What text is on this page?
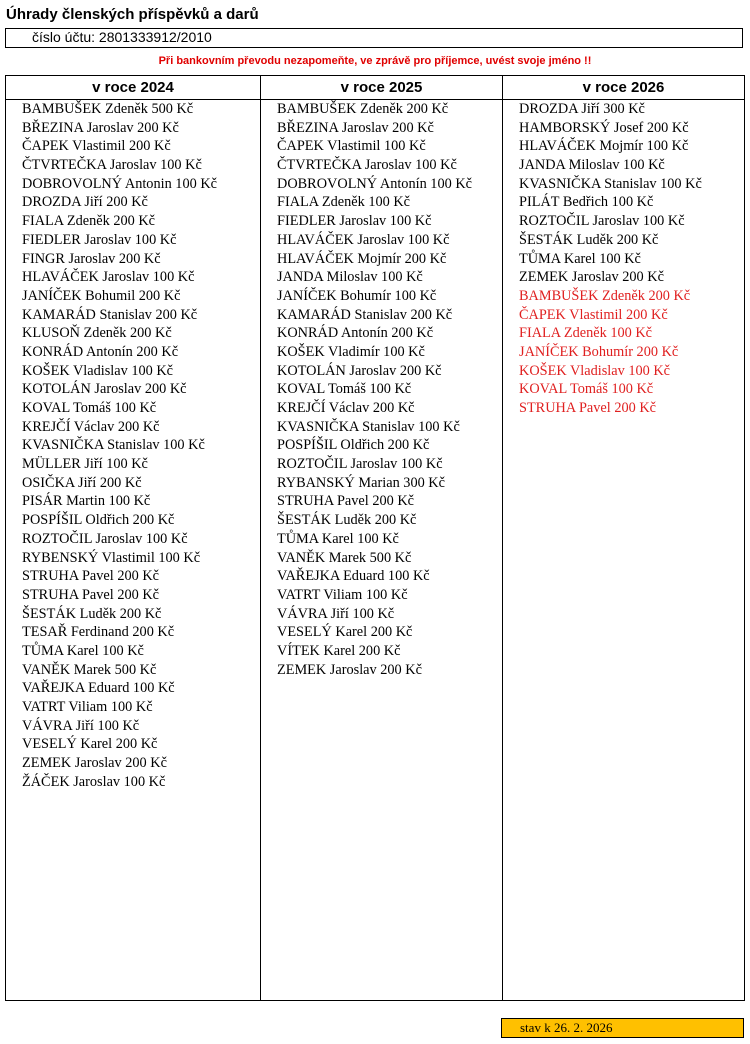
Úhrady členských příspěvků a darů
číslo účtu: 2801333912/2010
Při bankovním převodu nezapomeňte, ve zprávě pro příjemce, uvést svoje jméno !!
v roce 2024
BAMBUŠEK Zdeněk 500 Kč
BŘEZINA Jaroslav 200 Kč
ČAPEK Vlastimil 200 Kč
ČTVRTEČKA Jaroslav 100 Kč
DOBROVOLNÝ Antonin 100 Kč
DROZDA Jiří 200 Kč
FIALA Zdeněk 200 Kč
FIEDLER Jaroslav 100 Kč
FINGR Jaroslav 200 Kč
HLAVÁČEK Jaroslav 100 Kč
JANÍČEK Bohumil 200 Kč
KAMARÁD Stanislav 200 Kč
KLUSOŇ Zdeněk 200 Kč
KONRÁD Antonín 200 Kč
KOŠEK Vladislav 100 Kč
KOTOLÁN Jaroslav 200 Kč
KOVAL Tomáš 100 Kč
KREJČÍ Václav 200 Kč
KVASNIČKA Stanislav 100 Kč
MÜLLER Jiří 100 Kč
OSIČKA Jiří 200 Kč
PISÁR Martin 100 Kč
POSPÍŠIL Oldřich 200 Kč
ROZTOČIL Jaroslav 100 Kč
RYBENSKÝ Vlastimil 100 Kč
STRUHA Pavel 200 Kč
STRUHA Pavel 200 Kč
ŠESTÁK Luděk 200 Kč
TESAŘ Ferdinand 200 Kč
TŮMA Karel 100 Kč
VANĚK Marek 500 Kč
VAŘEJKA Eduard 100 Kč
VATRT Viliam 100 Kč
VÁVRA Jiří 100 Kč
VESELÝ Karel 200 Kč
ZEMEK Jaroslav 200 Kč
ŽÁČEK Jaroslav 100 Kč
v roce 2025
BAMBUŠEK Zdeněk 200 Kč
BŘEZINA Jaroslav 200 Kč
ČAPEK Vlastimil 100 Kč
ČTVRTEČKA Jaroslav 100 Kč
DOBROVOLNÝ Antonín 100 Kč
FIALA Zdeněk 100 Kč
FIEDLER Jaroslav 100 Kč
HLAVÁČEK Jaroslav 100 Kč
HLAVÁČEK Mojmír 200 Kč
JANDA Miloslav 100 Kč
JANÍČEK Bohumír 100 Kč
KAMARÁD Stanislav 200 Kč
KONRÁD Antonín 200 Kč
KOŠEK Vladimír 100 Kč
KOTOLÁN Jaroslav 200 Kč
KOVAL Tomáš 100 Kč
KREJČÍ Václav 200 Kč
KVASNIČKA Stanislav 100 Kč
POSPÍŠIL Oldřich 200 Kč
ROZTOČIL Jaroslav 100 Kč
RYBANSKÝ Marian 300 Kč
STRUHA Pavel 200 Kč
ŠESTÁK Luděk 200 Kč
TŮMA Karel 100 Kč
VANĚK Marek 500 Kč
VAŘEJKA Eduard 100 Kč
VATRT Viliam 100 Kč
VÁVRA Jiří 100 Kč
VESELÝ Karel 200 Kč
VÍTEK Karel 200 Kč
ZEMEK Jaroslav 200 Kč
v roce 2026
DROZDA Jiří 300 Kč
HAMBORSKÝ Josef 200 Kč
HLAVÁČEK Mojmír 100 Kč
JANDA Miloslav 100 Kč
KVASNIČKA Stanislav 100 Kč
PILÁT Bedřich 100 Kč
ROZTOČIL Jaroslav 100 Kč
ŠESTÁK Luděk 200 Kč
TŮMA Karel 100 Kč
ZEMEK Jaroslav 200 Kč
BAMBUŠEK Zdeněk 200 Kč
ČAPEK Vlastimil 200 Kč
FIALA Zdeněk 100 Kč
JANÍČEK Bohumír 200 Kč
KOŠEK Vladislav 100 Kč
KOVAL Tomáš 100 Kč
STRUHA Pavel 200 Kč
stav k 26. 2. 2026
